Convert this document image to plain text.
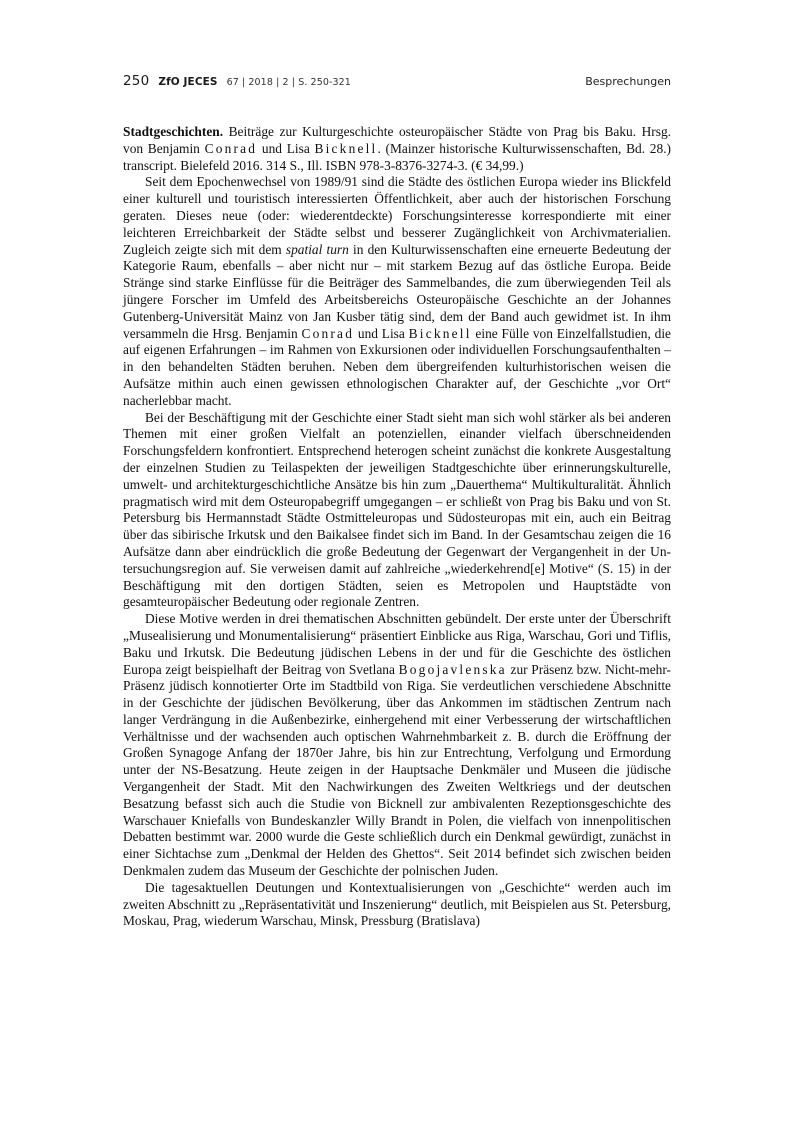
250 ZfO JECES 67 | 2018 | 2 | S. 250‑321	Besprechungen

Stadtgeschichten. Beiträge zur Kulturgeschichte osteuropäischer Städte von Prag bis Baku. Hrsg. von Benjamin Conrad und Lisa Bicknell. (Mainzer historische Kulturwissenschaften, Bd. 28.) transcript. Bielefeld 2016. 314 S., Ill. ISBN 978-3-8376-3274-3. (€ 34,99.)

Seit dem Epochenwechsel von 1989/91 sind die Städte des östlichen Europa wieder ins Blickfeld einer kulturell und touristisch interessierten Öffentlichkeit, aber auch der historischen Forschung geraten. Dieses neue (oder: wiederentdeckte) Forschungsinteresse korrespondierte mit einer leichteren Erreichbarkeit der Städte selbst und besserer Zugänglichkeit von Archivmaterialien. Zugleich zeigte sich mit dem spatial turn in den Kulturwissenschaften eine erneuerte Bedeutung der Kategorie Raum, ebenfalls – aber nicht nur – mit starkem Bezug auf das östliche Europa. Beide Stränge sind starke Einflüsse für die Beiträger des Sammelbandes, die zum überwiegenden Teil als jüngere Forscher im Umfeld des Arbeitsbereichs Osteuropäische Geschichte an der Johannes Gutenberg-Universität Mainz von Jan Kusber tätig sind, dem der Band auch gewidmet ist. In ihm versammeln die Hrsg. Benjamin Conrad und Lisa Bicknell eine Fülle von Einzelfallstudien, die auf eigenen Erfahrungen – im Rahmen von Exkursionen oder individuellen Forschungsaufenthalten – in den behandelten Städten beruhen. Neben dem übergreifenden kulturhistorischen weisen die Aufsätze mithin auch einen gewissen ethnologischen Charakter auf, der Geschichte „vor Ort“ nacherlebbar macht.

Bei der Beschäftigung mit der Geschichte einer Stadt sieht man sich wohl stärker als bei anderen Themen mit einer großen Vielfalt an potenziellen, einander vielfach überschneidenden Forschungsfeldern konfrontiert. Entsprechend heterogen scheint zunächst die konkrete Ausgestaltung der einzelnen Studien zu Teilaspekten der jeweiligen Stadtgeschichte über erinnerungskulturelle, umwelt- und architekturgeschichtliche Ansätze bis hin zum „Dauerthema“ Multikulturalität. Ähnlich pragmatisch wird mit dem Osteuropabegriff umgegangen – er schließt von Prag bis Baku und von St. Petersburg bis Hermannstadt Städte Ostmitteleuropas und Südosteuropas mit ein, auch ein Beitrag über das sibirische Irkutsk und den Baikalsee findet sich im Band. In der Gesamtschau zeigen die 16 Aufsätze dann aber eindrücklich die große Bedeutung der Gegenwart der Vergangenheit in der Untersuchungsregion auf. Sie verweisen damit auf zahlreiche „wiederkehrend[e] Motive“ (S. 15) in der Beschäftigung mit den dortigen Städten, seien es Metropolen und Hauptstädte von gesamteuropäischer Bedeutung oder regionale Zentren.

Diese Motive werden in drei thematischen Abschnitten gebündelt. Der erste unter der Überschrift „Musealisierung und Monumentalisierung“ präsentiert Einblicke aus Riga, Warschau, Gori und Tiflis, Baku und Irkutsk. Die Bedeutung jüdischen Lebens in der und für die Geschichte des östlichen Europa zeigt beispielhaft der Beitrag von Svetlana Bogojavlenska zur Präsenz bzw. Nicht-mehr-Präsenz jüdisch konnotierter Orte im Stadtbild von Riga. Sie verdeutlichen verschiedene Abschnitte in der Geschichte der jüdischen Bevölkerung, über das Ankommen im städtischen Zentrum nach langer Verdrängung in die Außenbezirke, einhergehend mit einer Verbesserung der wirtschaftlichen Verhältnisse und der wachsenden auch optischen Wahrnehmbarkeit z. B. durch die Eröffnung der Großen Synagoge Anfang der 1870er Jahre, bis hin zur Entrechtung, Verfolgung und Ermordung unter der NS-Besatzung. Heute zeigen in der Hauptsache Denkmäler und Museen die jüdische Vergangenheit der Stadt. Mit den Nachwirkungen des Zweiten Weltkriegs und der deutschen Besatzung befasst sich auch die Studie von Bicknell zur ambivalenten Rezeptionsgeschichte des Warschauer Kniefalls von Bundeskanzler Willy Brandt in Polen, die vielfach von innenpolitischen Debatten bestimmt war. 2000 wurde die Geste schließlich durch ein Denkmal gewürdigt, zunächst in einer Sichtachse zum „Denkmal der Helden des Ghettos“. Seit 2014 befindet sich zwischen beiden Denkmalen zudem das Museum der Geschichte der polnischen Juden.

Die tagesaktuellen Deutungen und Kontextualisierungen von „Geschichte“ werden auch im zweiten Abschnitt zu „Repräsentativität und Inszenierung“ deutlich, mit Beispielen aus St. Petersburg, Moskau, Prag, wiederum Warschau, Minsk, Pressburg (Bratislava)
